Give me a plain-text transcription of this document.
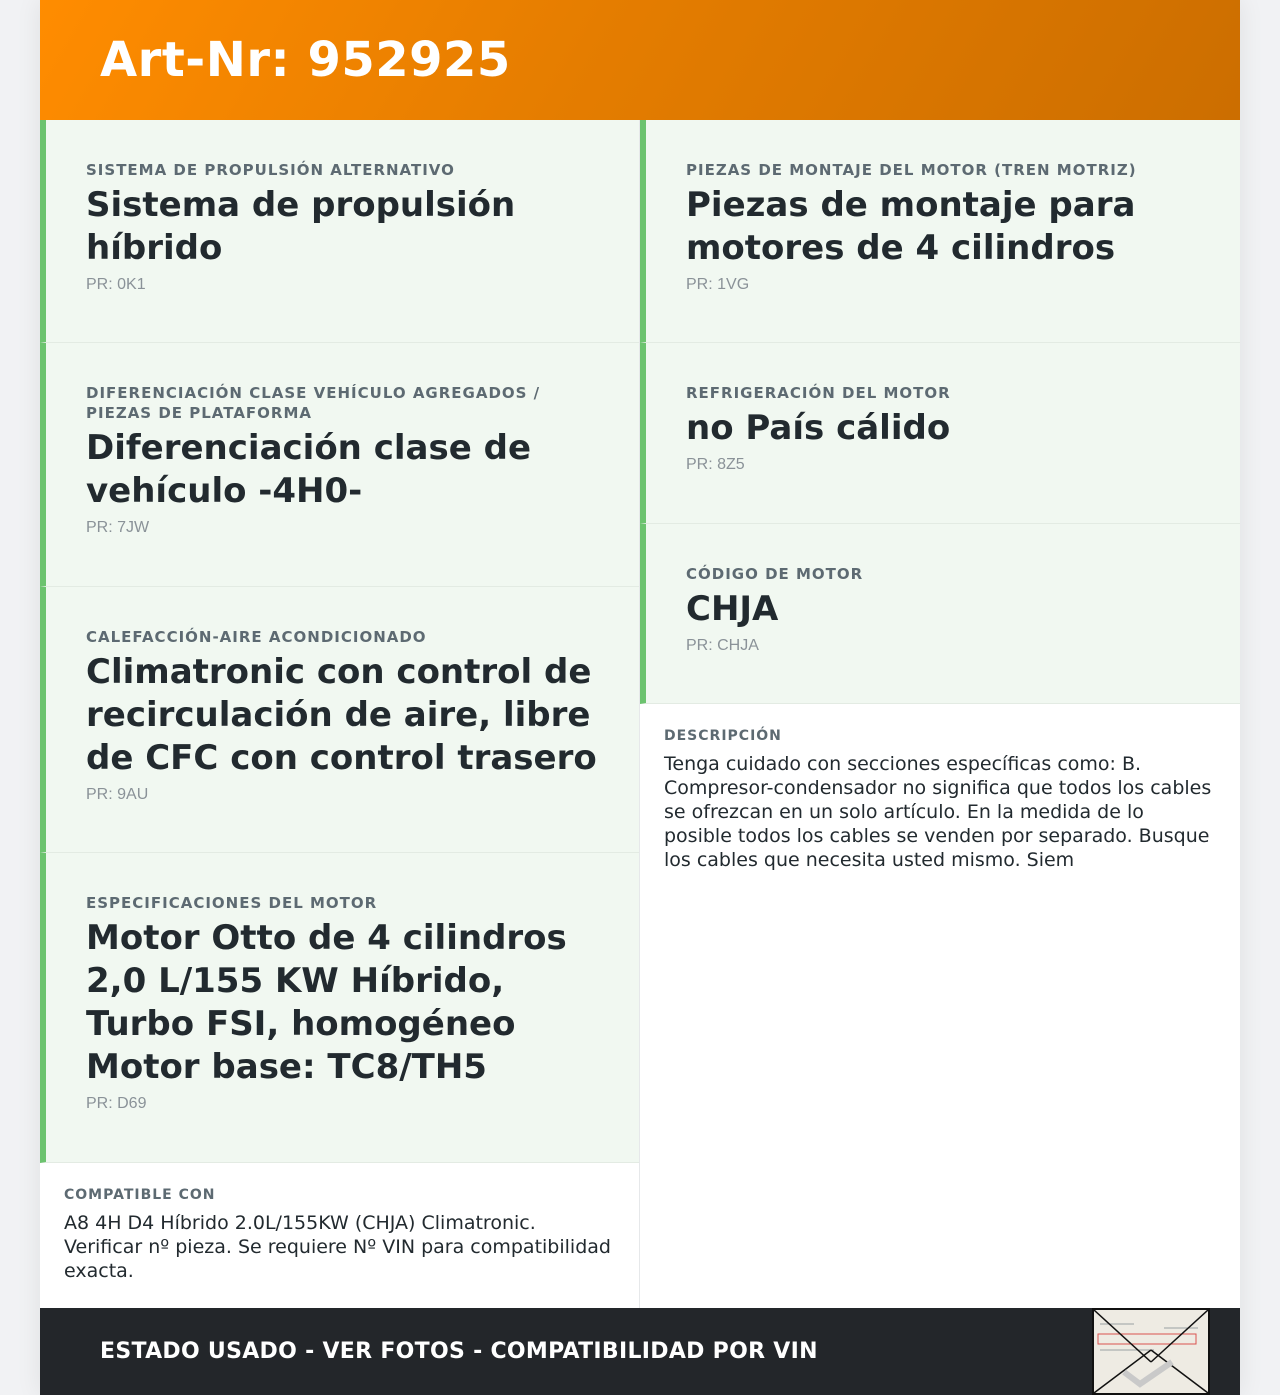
Art-Nr: 952925
SISTEMA DE PROPULSIÓN ALTERNATIVO
Sistema de propulsión híbrido
PR: 0K1
DIFERENCIACIÓN CLASE VEHÍCULO AGREGADOS / PIEZAS DE PLATAFORMA
Diferenciación clase de vehículo -4H0-
PR: 7JW
CALEFACCIÓN-AIRE ACONDICIONADO
Climatronic con control de recirculación de aire, libre de CFC con control trasero
PR: 9AU
ESPECIFICACIONES DEL MOTOR
Motor Otto de 4 cilindros 2,0 L/155 KW Híbrido, Turbo FSI, homogéneo Motor base: TC8/TH5
PR: D69
COMPATIBLE CON
A8 4H D4 Híbrido 2.0L/155KW (CHJA) Climatronic. Verificar nº pieza. Se requiere Nº VIN para compatibilidad exacta.
PIEZAS DE MONTAJE DEL MOTOR (TREN MOTRIZ)
Piezas de montaje para motores de 4 cilindros
PR: 1VG
REFRIGERACIÓN DEL MOTOR
no País cálido
PR: 8Z5
CÓDIGO DE MOTOR
CHJA
PR: CHJA
DESCRIPCIÓN
Tenga cuidado con secciones específicas como: B. Compresor-condensador no significa que todos los cables se ofrezcan en un solo artículo. En la medida de lo posible todos los cables se venden por separado. Busque los cables que necesita usted mismo. Siem
ESTADO USADO - VER FOTOS - COMPATIBILIDAD POR VIN
